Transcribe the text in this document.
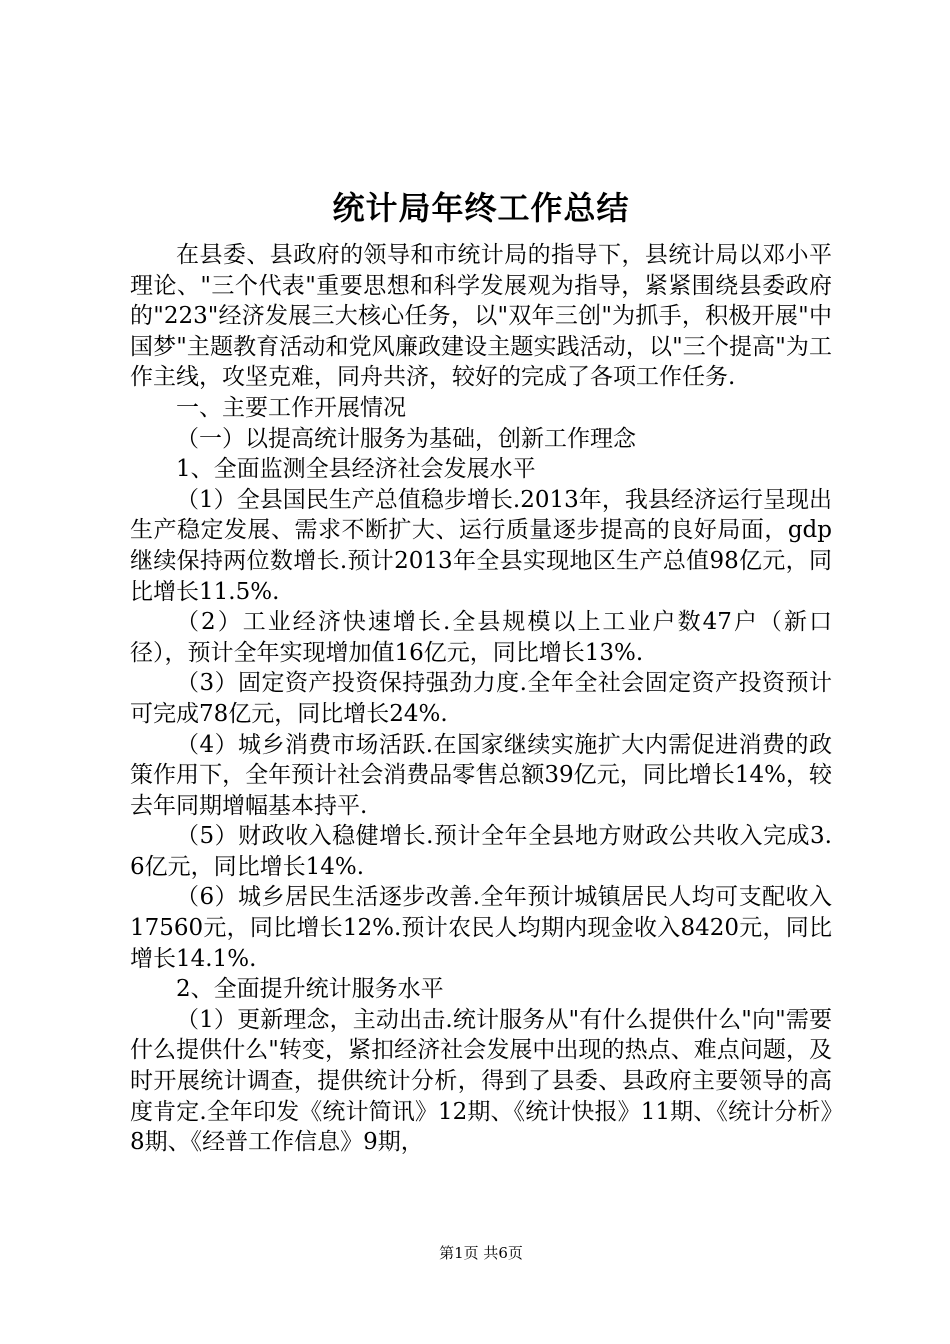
统计局年终工作总结

在县委、县政府的领导和市统计局的指导下，县统计局以邓小平理论、"三个代表"重要思想和科学发展观为指导，紧紧围绕县委政府的"223"经济发展三大核心任务，以"双年三创"为抓手，积极开展"中国梦"主题教育活动和党风廉政建设主题实践活动，以"三个提高"为工作主线，攻坚克难，同舟共济，较好的完成了各项工作任务.

一、主要工作开展情况

（一）以提高统计服务为基础，创新工作理念

1、全面监测全县经济社会发展水平

（1）全县国民生产总值稳步增长.2013年，我县经济运行呈现出生产稳定发展、需求不断扩大、运行质量逐步提高的良好局面，gdp继续保持两位数增长.预计2013年全县实现地区生产总值98亿元，同比增长11.5%.

（2）工业经济快速增长.全县规模以上工业户数47户（新口径），预计全年实现增加值16亿元，同比增长13%.

（3）固定资产投资保持强劲力度.全年全社会固定资产投资预计可完成78亿元，同比增长24%.

（4）城乡消费市场活跃.在国家继续实施扩大内需促进消费的政策作用下，全年预计社会消费品零售总额39亿元，同比增长14%，较去年同期增幅基本持平.

（5）财政收入稳健增长.预计全年全县地方财政公共收入完成3.6亿元，同比增长14%.

（6）城乡居民生活逐步改善.全年预计城镇居民人均可支配收入17560元，同比增长12%.预计农民人均期内现金收入8420元，同比增长14.1%.

2、全面提升统计服务水平

（1）更新理念，主动出击.统计服务从"有什么提供什么"向"需要什么提供什么"转变，紧扣经济社会发展中出现的热点、难点问题，及时开展统计调查，提供统计分析，得到了县委、县政府主要领导的高度肯定.全年印发《统计简讯》12期、《统计快报》11期、《统计分析》8期、《经普工作信息》9期，

第1页 共6页
